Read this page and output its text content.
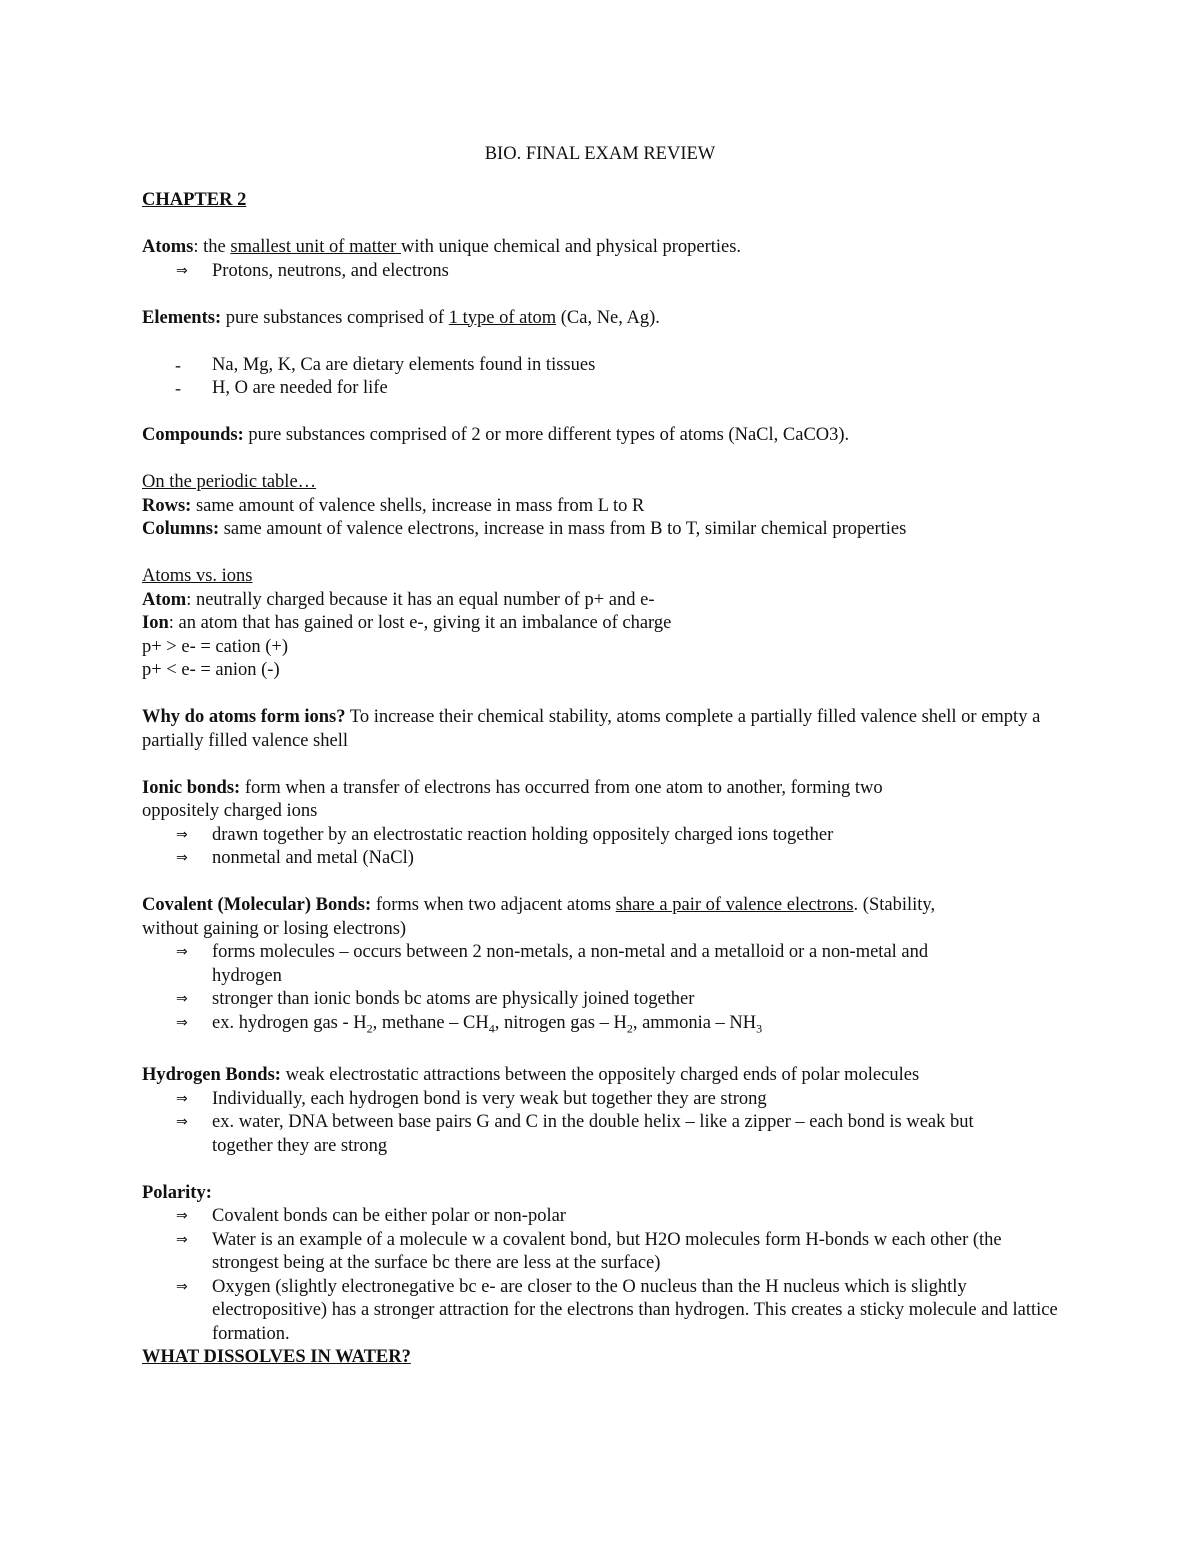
BIO. FINAL EXAM REVIEW
CHAPTER 2

Atoms: the smallest unit of matter with unique chemical and physical properties.

⇒ Protons, neutrons, and electrons

Elements: pure substances comprised of 1 type of atom (Ca, Ne, Ag).

- Na, Mg, K, Ca are dietary elements found in tissues
- H, O are needed for life

Compounds: pure substances comprised of 2 or more different types of atoms (NaCl, CaCO3).

On the periodic table…

Rows: same amount of valence shells, increase in mass from L to R

Columns: same amount of valence electrons, increase in mass from B to T, similar chemical properties

Atoms vs. ions

Atom: neutrally charged because it has an equal number of p+ and e-

Ion: an atom that has gained or lost e-, giving it an imbalance of charge

p+ > e- = cation (+)

p+ < e- = anion (-)

Why do atoms form ions? To increase their chemical stability, atoms complete a partially filled valence shell or empty a partially filled valence shell

Ionic bonds: form when a transfer of electrons has occurred from one atom to another, forming two oppositely charged ions

⇒ drawn together by an electrostatic reaction holding oppositely charged ions together
⇒ nonmetal and metal (NaCl)

Covalent (Molecular) Bonds: forms when two adjacent atoms share a pair of valence electrons. (Stability, without gaining or losing electrons)

⇒ forms molecules – occurs between 2 non-metals, a non-metal and a metalloid or a non-metal and hydrogen
⇒ stronger than ionic bonds bc atoms are physically joined together
⇒ ex. hydrogen gas - $H_2$, methane – $CH_4$, nitrogen gas – $H_2$, ammonia – $NH_3$

Hydrogen Bonds: weak electrostatic attractions between the oppositely charged ends of polar molecules

⇒ Individually, each hydrogen bond is very weak but together they are strong
⇒ ex. water, DNA between base pairs G and C in the double helix – like a zipper – each bond is weak but together they are strong

Polarity:

⇒ Covalent bonds can be either polar or non-polar
⇒ Water is an example of a molecule w a covalent bond, but H2O molecules form H-bonds w each other (the strongest being at the surface bc there are less at the surface)
⇒ Oxygen (slightly electronegative bc e- are closer to the O nucleus than the H nucleus which is slightly electropositive) has a stronger attraction for the electrons than hydrogen. This creates a sticky molecule and lattice formation.

WHAT DISSOLVES IN WATER?
